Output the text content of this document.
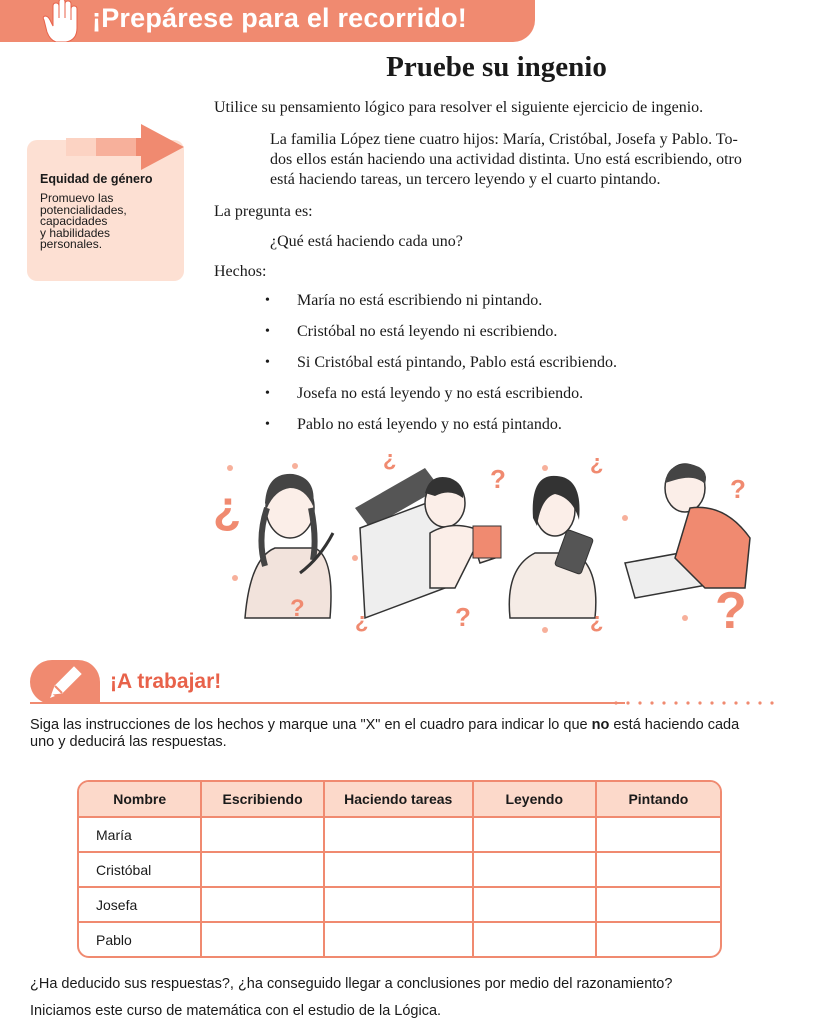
¡Prepárese para el recorrido!
Pruebe su ingenio
Utilice su pensamiento lógico para resolver el siguiente ejercicio de ingenio.
La familia López tiene cuatro hijos: María, Cristóbal, Josefa y Pablo. To-
dos ellos están haciendo una actividad distinta. Uno está escribiendo, otro
está haciendo tareas, un tercero leyendo y el cuarto pintando.
La pregunta es:
¿Qué está haciendo cada uno?
Hechos:
• María no está escribiendo ni pintando.
• Cristóbal no está leyendo ni escribiendo.
• Si Cristóbal está pintando, Pablo está escribiendo.
• Josefa no está leyendo y no está escribiendo.
• Pablo no está leyendo y no está pintando.
Equidad de género
Promuevo las
potencialidades,
capacidades
y habilidades
personales.
¿
¿
?
¿
?
? ¿	?	¿ ?
¡A trabajar!
Siga las instrucciones de los hechos y marque una "X" en el cuadro para indicar lo que no está haciendo cada
uno y deducirá las respuestas.
Nombre	Escribiendo	Haciendo tareas	Leyendo	Pintando
María				
Cristóbal				
Josefa				
Pablo				
¿Ha deducido sus respuestas?, ¿ha conseguido llegar a conclusiones por medio del razonamiento?
Iniciamos este curso de matemática con el estudio de la Lógica.
